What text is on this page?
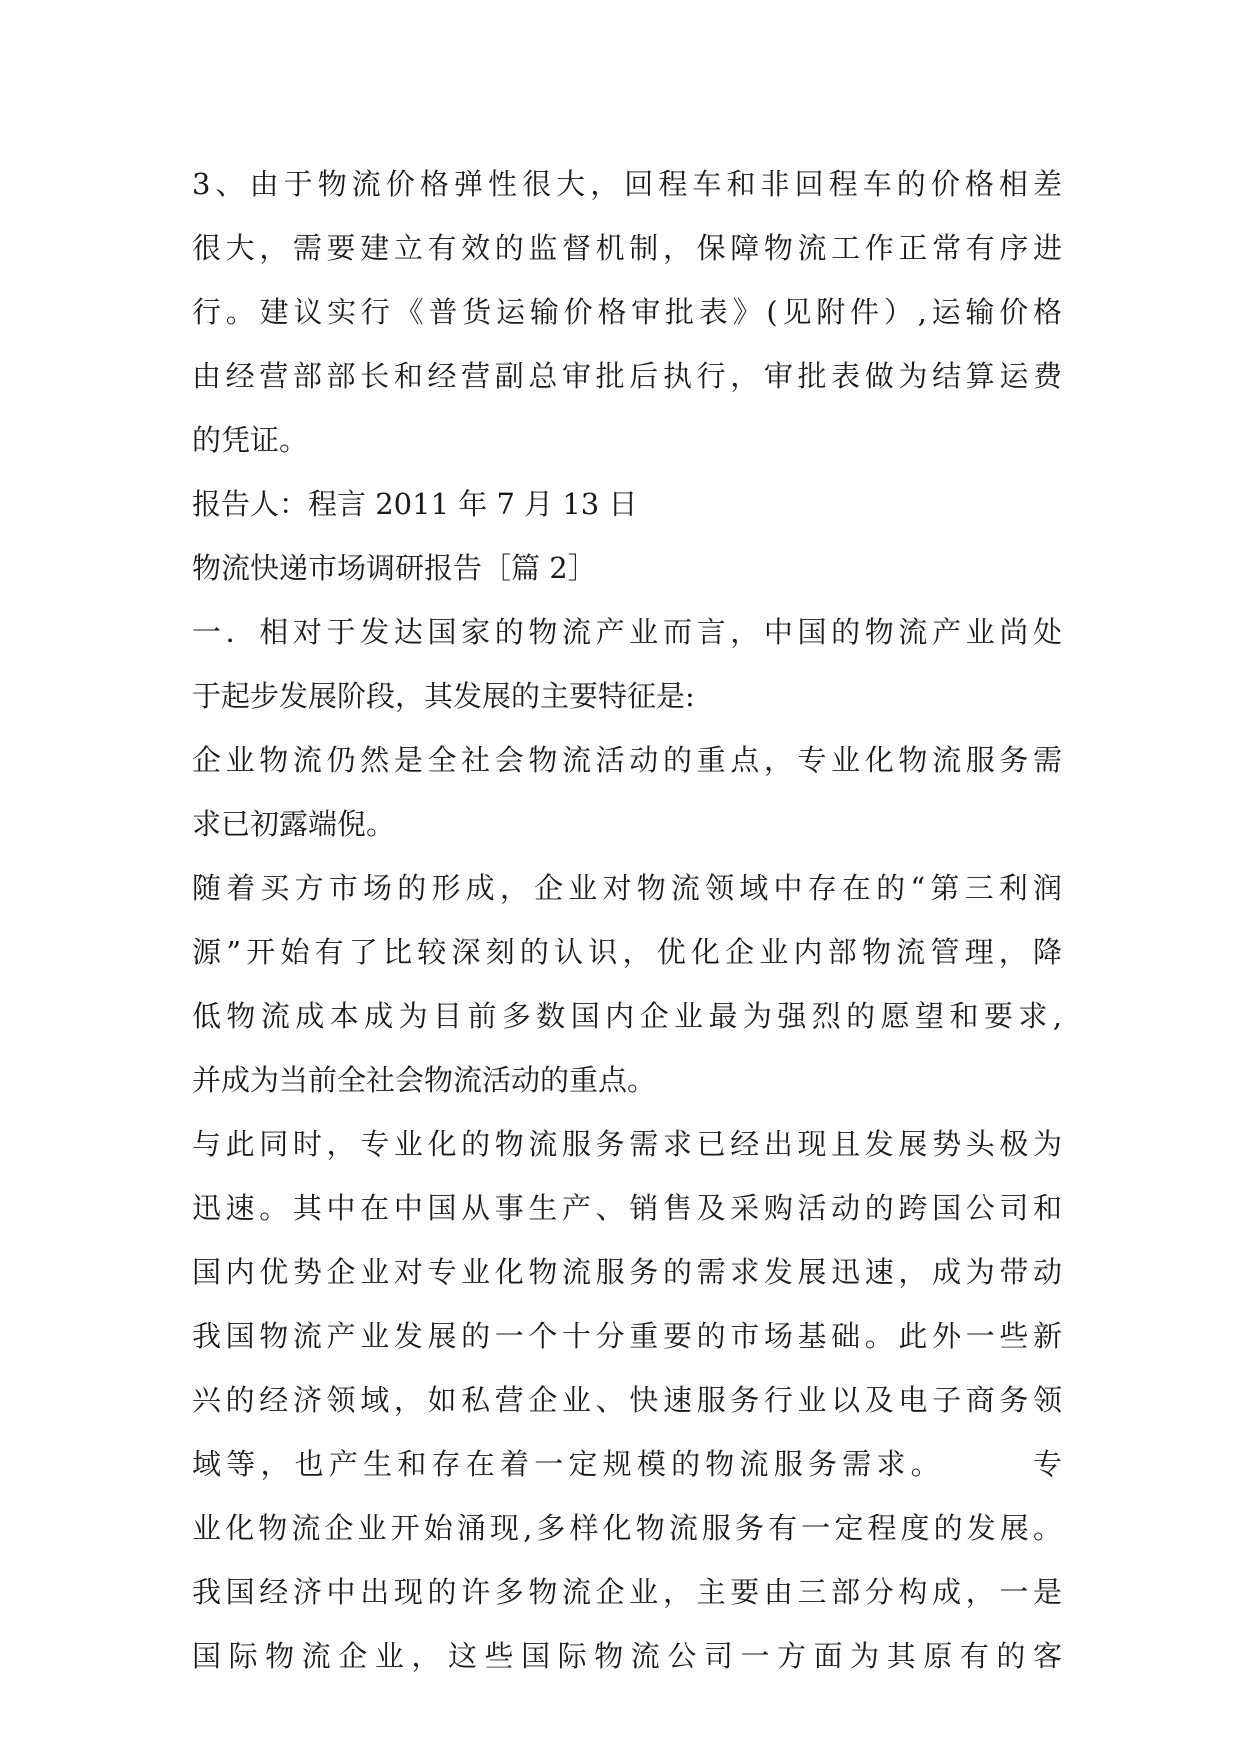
3、由于物流价格弹性很大，回程车和非回程车的价格相差

很大，需要建立有效的监督机制，保障物流工作正常有序进

行。建议实行《普货运输价格审批表》(见附件）,运输价格

由经营部部长和经营副总审批后执行，审批表做为结算运费

的凭证。

报告人：程言 2011 年 7 月 13 日

物流快递市场调研报告［篇 2］

一．相对于发达国家的物流产业而言，中国的物流产业尚处

于起步发展阶段，其发展的主要特征是:

企业物流仍然是全社会物流活动的重点，专业化物流服务需

求已初露端倪。

随着买方市场的形成，企业对物流领域中存在的“第三利润

源”开始有了比较深刻的认识，优化企业内部物流管理，降

低物流成本成为目前多数国内企业最为强烈的愿望和要求,

并成为当前全社会物流活动的重点。

与此同时，专业化的物流服务需求已经出现且发展势头极为

迅速。其中在中国从事生产、销售及采购活动的跨国公司和

国内优势企业对专业化物流服务的需求发展迅速，成为带动

我国物流产业发展的一个十分重要的市场基础。此外一些新

兴的经济领域，如私营企业、快速服务行业以及电子商务领

域等，也产生和存在着一定规模的物流服务需求。　　　专

业化物流企业开始涌现,多样化物流服务有一定程度的发展。

我国经济中出现的许多物流企业，主要由三部分构成，一是

国际物流企业，这些国际物流公司一方面为其原有的客
